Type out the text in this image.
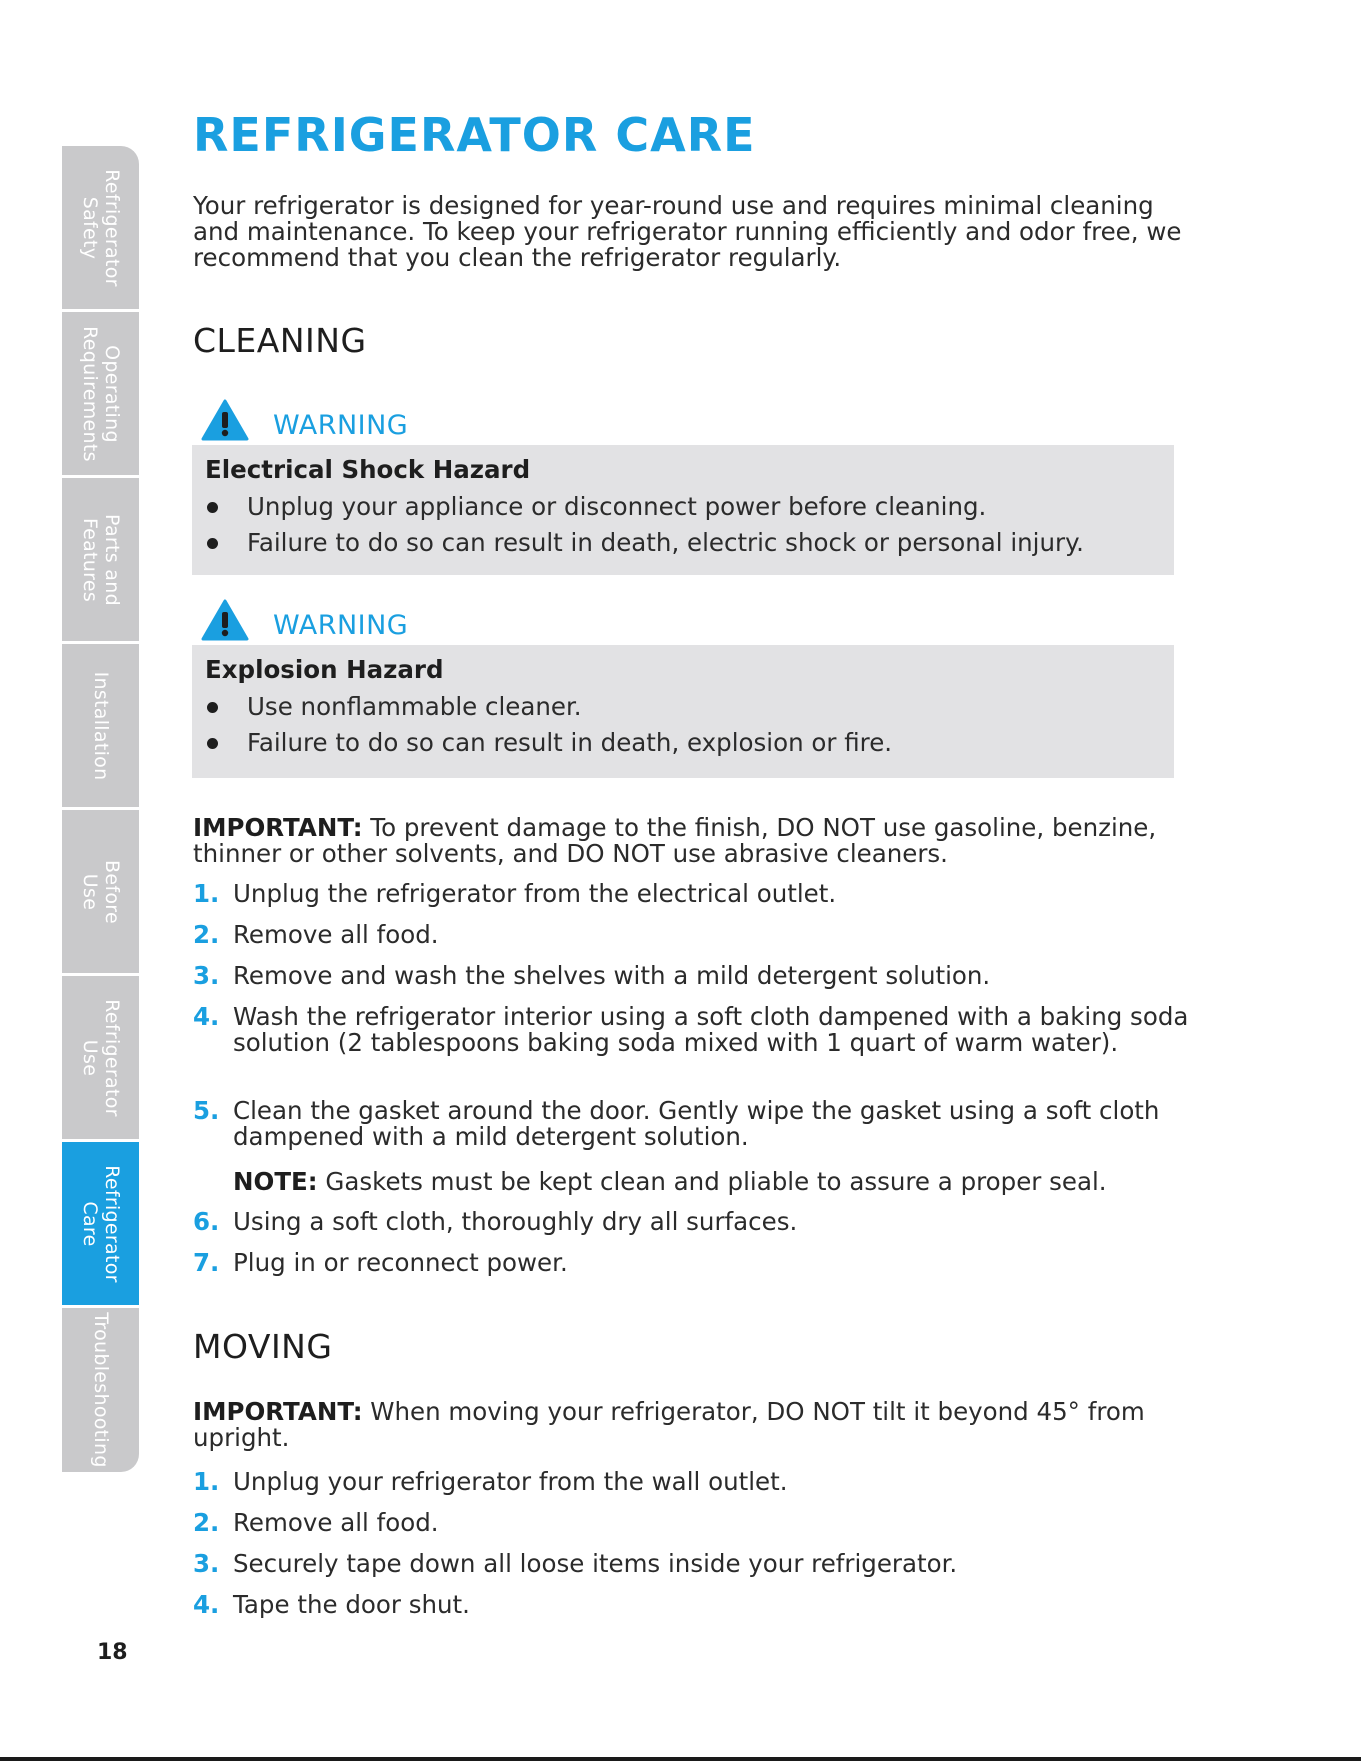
Refrigerator
Safety
Operating
Requirements
Parts and
Features
Installation
Before
Use
Refrigerator
Use
Refrigerator
Care
Troubleshooting
REFRIGERATOR CARE

Your refrigerator is designed for year-round use and requires minimal cleaning and maintenance. To keep your refrigerator running efficiently and odor free, we recommend that you clean the refrigerator regularly.

CLEANING
WARNING
Electrical Shock Hazard
Unplug your appliance or disconnect power before cleaning.
Failure to do so can result in death, electric shock or personal injury.
WARNING
Explosion Hazard
Use nonflammable cleaner.
Failure to do so can result in death, explosion or fire.

IMPORTANT: To prevent damage to the finish, DO NOT use gasoline, benzine, thinner or other solvents, and DO NOT use abrasive cleaners.

1. Unplug the refrigerator from the electrical outlet.
2. Remove all food.
3. Remove and wash the shelves with a mild detergent solution.
4. Wash the refrigerator interior using a soft cloth dampened with a baking soda solution (2 tablespoons baking soda mixed with 1 quart of warm water).
5. Clean the gasket around the door. Gently wipe the gasket using a soft cloth dampened with a mild detergent solution.

NOTE: Gaskets must be kept clean and pliable to assure a proper seal.

6. Using a soft cloth, thoroughly dry all surfaces.
7. Plug in or reconnect power.
MOVING

IMPORTANT: When moving your refrigerator, DO NOT tilt it beyond 45° from upright.

1. Unplug your refrigerator from the wall outlet.
2. Remove all food.
3. Securely tape down all loose items inside your refrigerator.
4. Tape the door shut.
18
